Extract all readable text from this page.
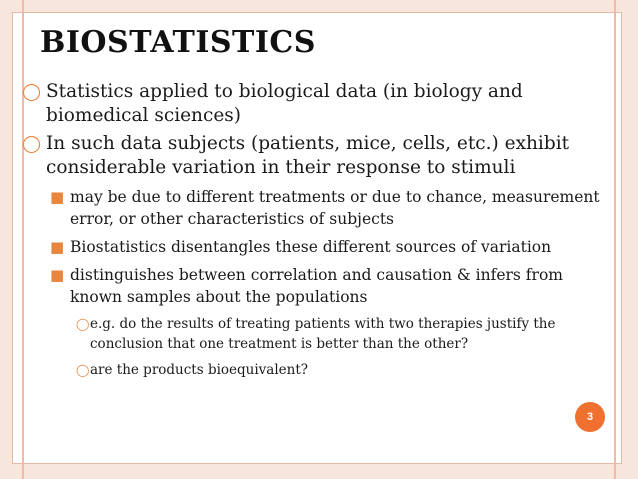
BIOSTATISTICS
◯ Statistics applied to biological data (in biology and biomedical sciences)
◯ In such data subjects (patients, mice, cells, etc.) exhibit considerable variation in their response to stimuli
■ may be due to different treatments or due to chance, measurement error, or other characteristics of subjects
■ Biostatistics disentangles these different sources of variation
■ distinguishes between correlation and causation & infers from known samples about the populations
◯ e.g. do the results of treating patients with two therapies justify the conclusion that one treatment is better than the other?
◯ are the products bioequivalent?
3
